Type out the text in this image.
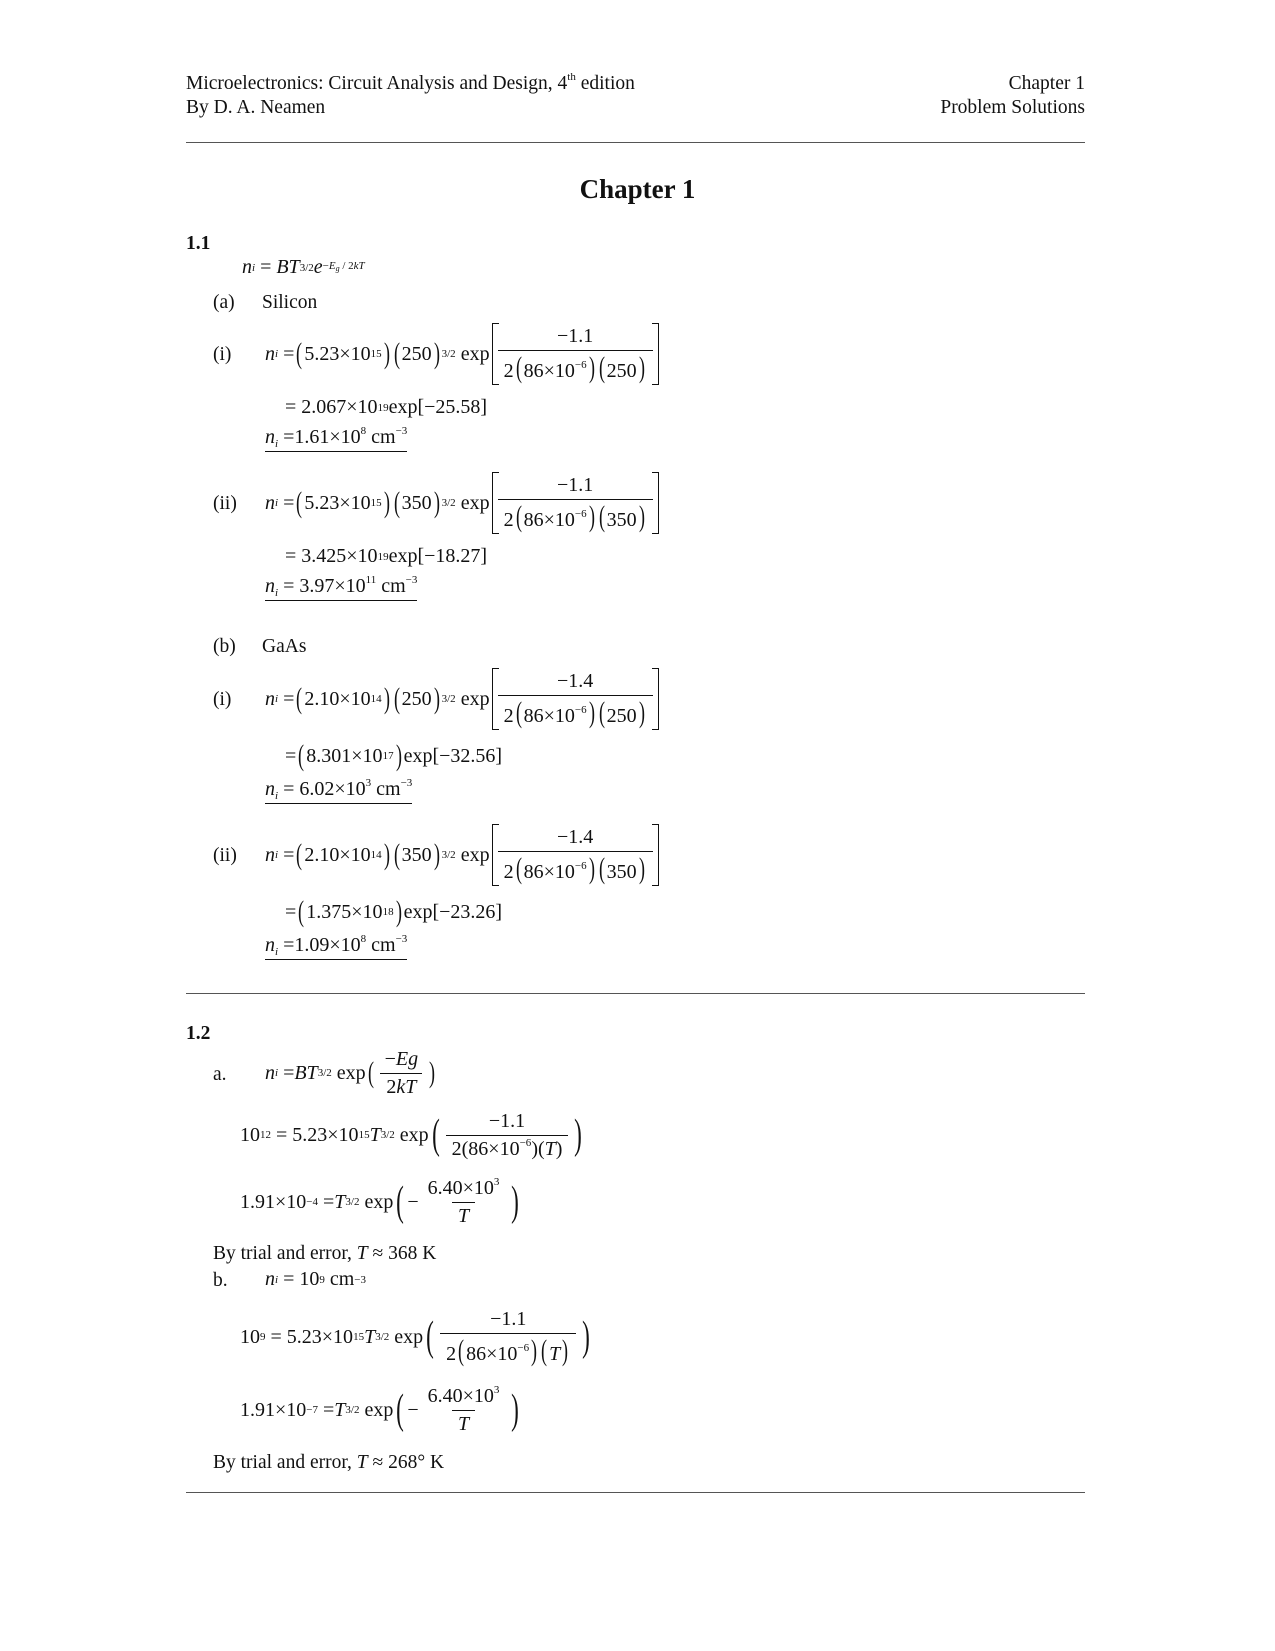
Microelectronics: Circuit Analysis and Design, 4th edition
By D. A. Neamen
Chapter 1
Problem Solutions
Chapter 1
1.1
n i = BT 3/2 $e -E_g / 2kT$
(a) Silicon
(i) n i = ( 5.23×10 15 ) ( 250 ) 3/2 $\exp \frac{-1.1}{2( 86\times 10^{-6}) ( 250)}$
= 2.067×10 19 exp[−25.58]
$n_i =1.61\times 10^8$ $cm^{-3}$
(ii) n i = ( 5.23×10 15 ) ( 350 ) 3/2 $\exp \frac{-1.1}{2( 86\times 10^{-6}) ( 350)}$
= 3.425×10 19 exp[−18.27]
$n_i = 3.97\times 10^{11}$ $cm^{-3}$
(b) GaAs
(i) n i = ( 2.10×10 14 ) ( 250 ) 3/2 $\exp \frac{-1.4}{2( 86\times 10^{-6}) ( 250)}$
= ( 8.301×10 17 ) exp[−32.56]
$n_i = 6.02\times 10^3$ $cm^{-3}$
(ii) n i = ( 2.10×10 14 ) ( 350 ) 3/2 $\exp \frac{-1.4}{2( 86\times 10^{-6}) ( 350)}$
= ( 1.375×10 18 ) exp[−23.26]
$n_i =1.09\times 10^8$ $cm^{-3}$
1.2
a. n i = BT 3/2 exp ( $\frac{-Eg}{2kT}$ )
10 12 = 5.23×10 15 T 3/2 exp ( $\frac{-1.1}{2(86\times 10^{-6})(T)}$ )
1.91×10 −4 = T 3/2 exp ( − $\frac{6.40\times 10^3}{T}$ )
By trial and error, T ≈ 368 K
b. n i
= 10 9 cm −3
10 9 = 5.23×10 15 T 3/2 exp ( $\frac{-1.1}{2( 86\times 10^{-6}) ( T)}$ )
1.91×10 −7 = T 3/2 exp ( − $\frac{6.40\times 10^3}{T}$ )
By trial and error, T ≈ 268° K
